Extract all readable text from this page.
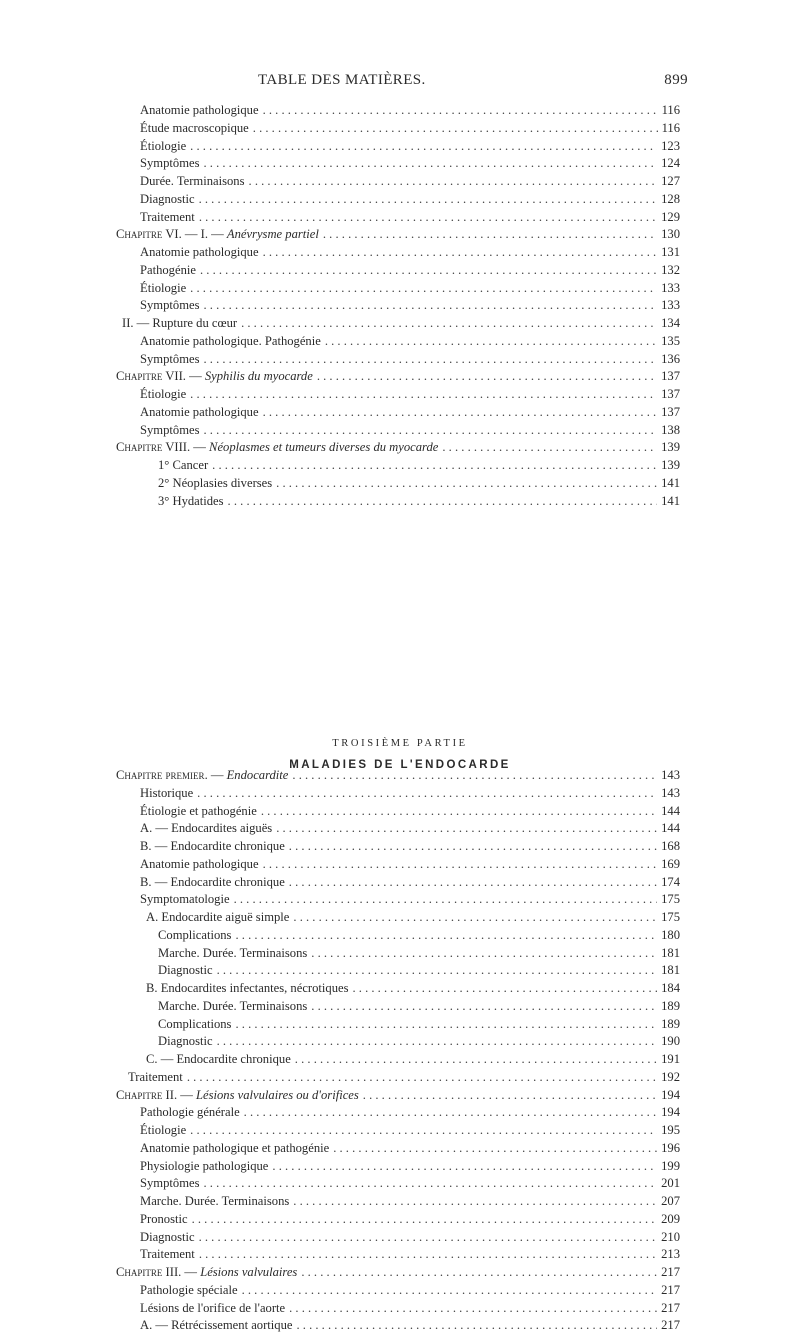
TABLE DES MATIÈRES.	899
Anatomie pathologique . . .	116
Étude macroscopique . . .	116
Étiologie . . .	123
Symptômes . . .	124
Durée. Terminaisons . . .	127
Diagnostic . . .	128
Traitement . . .	129
Chapitre VI. — I. — Anévrysme partiel . . .	130
Anatomie pathologique . . .	131
Pathogénie . . .	132
Étiologie . . .	133
Symptômes . . .	133
II. — Rupture du cœur . . .	134
Anatomie pathologique. Pathogénie . . .	135
Symptômes . . .	136
Chapitre VII. — Syphilis du myocarde . . .	137
Étiologie . . .	137
Anatomie pathologique . . .	137
Symptômes . . .	138
Chapitre VIII. — Néoplasmes et tumeurs diverses du myocarde . . .	139
1° Cancer . . .	139
2° Néoplasies diverses . . .	141
3° Hydatides . . .	141
TROISIÈME PARTIE
MALADIES DE L'ENDOCARDE
Chapitre premier. — Endocardite . . .	143
Historique . . .	143
Étiologie et pathogénie . . .	144
A. — Endocardites aiguës . . .	144
B. — Endocardite chronique . . .	168
Anatomie pathologique . . .	169
B. — Endocardite chronique . . .	174
Symptomatologie . . .	175
A. Endocardite aiguë simple . . .	175
Complications . . .	180
Marche. Durée. Terminaisons . . .	181
Diagnostic . . .	181
B. Endocardites infectantes, nécrotiques . . .	184
Marche. Durée. Terminaisons . . .	189
Complications . . .	189
Diagnostic . . .	190
C. — Endocardite chronique . . .	191
Traitement . . .	192
Chapitre II. — Lésions valvulaires ou d'orifices . . .	194
Pathologie générale . . .	194
Étiologie . . .	195
Anatomie pathologique et pathogénie . . .	196
Physiologie pathologique . . .	199
Symptômes . . .	201
Marche. Durée. Terminaisons . . .	207
Pronostic . . .	209
Diagnostic . . .	210
Traitement . . .	213
Chapitre III. — Lésions valvulaires . . .	217
Pathologie spéciale . . .	217
Lésions de l'orifice de l'aorte . . .	217
A. — Rétrécissement aortique . . .	217
